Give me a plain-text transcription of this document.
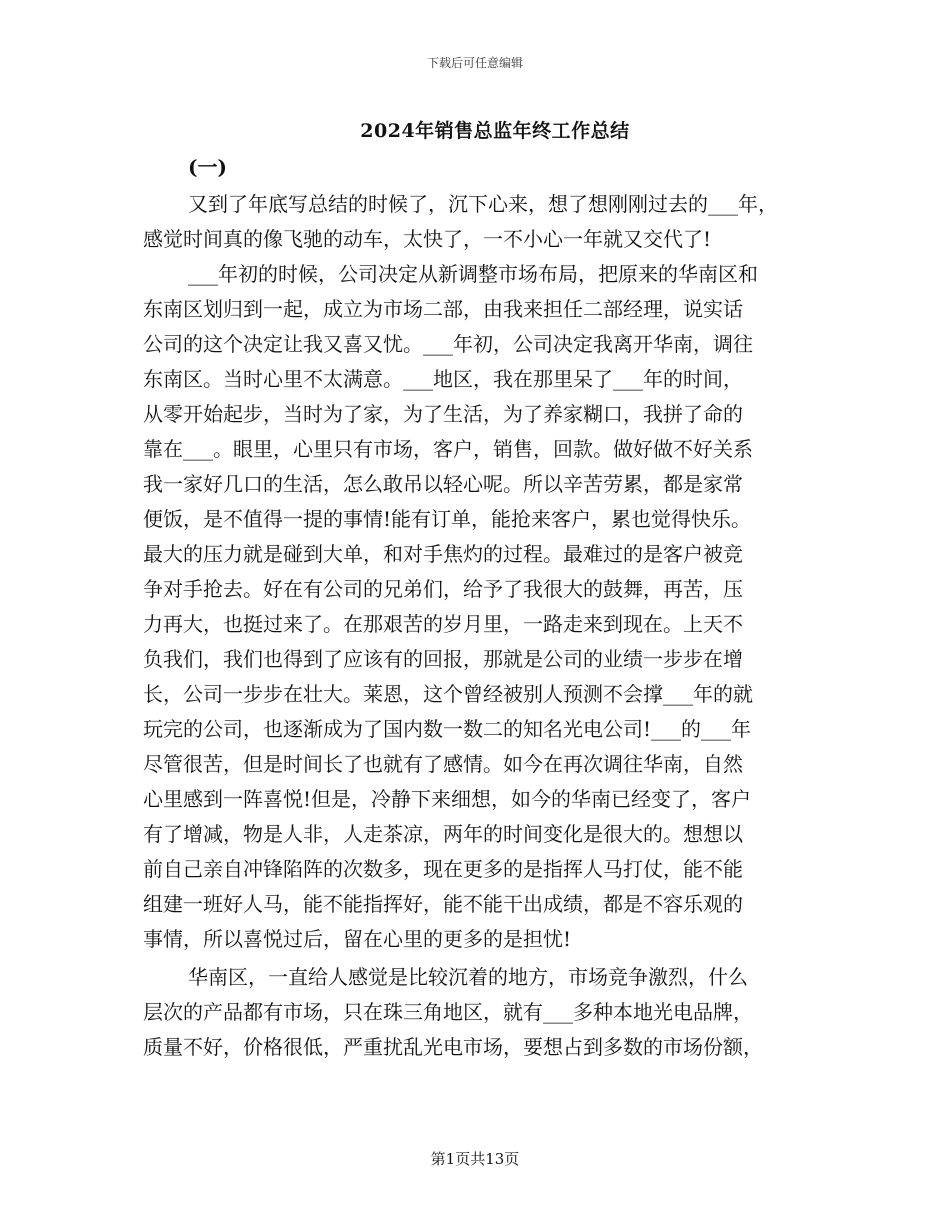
下载后可任意编辑
2024年销售总监年终工作总结
(一)
又到了年底写总结的时候了，沉下心来，想了想刚刚过去的___年，
感觉时间真的像飞驰的动车，太快了，一不小心一年就又交代了!
___年初的时候，公司决定从新调整市场布局，把原来的华南区和
东南区划归到一起，成立为市场二部，由我来担任二部经理，说实话
公司的这个决定让我又喜又忧。___年初，公司决定我离开华南，调往
东南区。当时心里不太满意。___地区，我在那里呆了___年的时间，
从零开始起步，当时为了家，为了生活，为了养家糊口，我拼了命的
靠在___。眼里，心里只有市场，客户，销售，回款。做好做不好关系
我一家好几口的生活，怎么敢吊以轻心呢。所以辛苦劳累，都是家常
便饭，是不值得一提的事情!能有订单，能抢来客户，累也觉得快乐。
最大的压力就是碰到大单，和对手焦灼的过程。最难过的是客户被竞
争对手抢去。好在有公司的兄弟们，给予了我很大的鼓舞，再苦，压
力再大，也挺过来了。在那艰苦的岁月里，一路走来到现在。上天不
负我们，我们也得到了应该有的回报，那就是公司的业绩一步步在增
长，公司一步步在壮大。莱恩，这个曾经被别人预测不会撑___年的就
玩完的公司，也逐渐成为了国内数一数二的知名光电公司!___的___年
尽管很苦，但是时间长了也就有了感情。如今在再次调往华南，自然
心里感到一阵喜悦!但是，冷静下来细想，如今的华南已经变了，客户
有了增减，物是人非，人走茶凉，两年的时间变化是很大的。想想以
前自己亲自冲锋陷阵的次数多，现在更多的是指挥人马打仗，能不能
组建一班好人马，能不能指挥好，能不能干出成绩，都是不容乐观的
事情，所以喜悦过后，留在心里的更多的是担忧!
华南区，一直给人感觉是比较沉着的地方，市场竞争激烈，什么
层次的产品都有市场，只在珠三角地区，就有___多种本地光电品牌，
质量不好，价格很低，严重扰乱光电市场，要想占到多数的市场份额，
第1页共13页
